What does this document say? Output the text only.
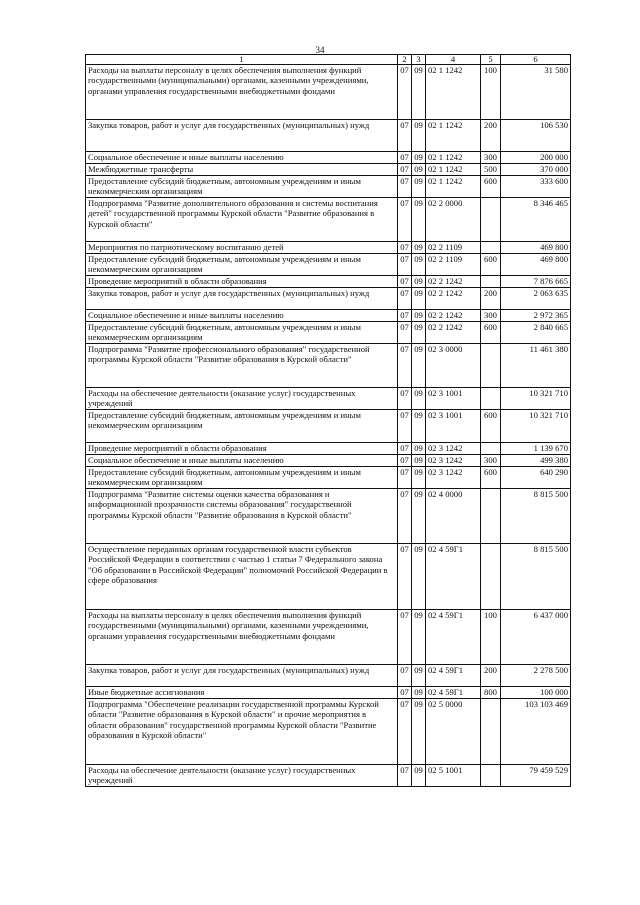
34
1	2	3	4	5	6
Расходы на выплаты персоналу в целях обеспечения выполнения функций государственными (муниципальными) органами, казенными учреждениями, органами управления государственными внебюджетными фондами	07	09	02 1 1242	100	31 580
Закупка товаров, работ и услуг для государственных (муниципальных) нужд	07	09	02 1 1242	200	106 530
Социальное обеспечение и иные выплаты населению	07	09	02 1 1242	300	200 000
Межбюджетные трансферты	07	09	02 1 1242	500	370 000
Предоставление субсидий бюджетным, автономным учреждениям и иным некоммерческим организациям	07	09	02 1 1242	600	333 600
Подпрограмма "Развитие дополнительного образования и системы воспитания детей" государственной программы Курской области "Развитие образования в Курской области"	07	09	02 2 0000		8 346 465
Мероприятия по патриотическому воспитанию детей	07	09	02 2 1109		469 800
Предоставление субсидий бюджетным, автономным учреждениям и иным некоммерческим организациям	07	09	02 2 1109	600	469 800
Проведение мероприятий в области образования	07	09	02 2 1242		7 876 665
Закупка товаров, работ и услуг для государственных (муниципальных) нужд	07	09	02 2 1242	200	2 063 635
Социальное обеспечение и иные выплаты населению	07	09	02 2 1242	300	2 972 365
Предоставление субсидий бюджетным, автономным учреждениям и иным некоммерческим организациям	07	09	02 2 1242	600	2 840 665
Подпрограмма "Развитие профессионального образования" государственной программы Курской области "Развитие образования в Курской области"	07	09	02 3 0000		11 461 380
Расходы на обеспечение деятельности (оказание услуг) государственных учреждений	07	09	02 3 1001		10 321 710
Предоставление субсидий бюджетным, автономным учреждениям и иным некоммерческим организациям	07	09	02 3 1001	600	10 321 710
Проведение мероприятий в области образования	07	09	02 3 1242		1 139 670
Социальное обеспечение и иные выплаты населению	07	09	02 3 1242	300	499 380
Предоставление субсидий бюджетным, автономным учреждениям и иным некоммерческим организациям	07	09	02 3 1242	600	640 290
Подпрограмма "Развитие системы оценки качества образования и информационной прозрачности системы образования" государственной программы Курской области "Развитие образования в Курской области"	07	09	02 4 0000		8 815 500
Осуществление переданных органам государственной власти субъектов Российской Федерации в соответствии с частью 1 статьи 7 Федерального закона "Об образовании в Российской Федерации" полномочий Российской Федерации в сфере образования	07	09	02 4 59Г1		8 815 500
Расходы на выплаты персоналу в целях обеспечения выполнения функций государственными (муниципальными) органами, казенными учреждениями, органами управления государственными внебюджетными фондами	07	09	02 4 59Г1	100	6 437 000
Закупка товаров, работ и услуг для государственных (муниципальных) нужд	07	09	02 4 59Г1	200	2 278 500
Иные бюджетные ассигнования	07	09	02 4 59Г1	800	100 000
Подпрограмма "Обеспечение реализации государственной программы Курской области "Развитие образования в Курской области" и прочие мероприятия в области образования" государственной программы Курской области "Развитие образования в Курской области"	07	09	02 5 0000		103 103 469
Расходы на обеспечение деятельности (оказание услуг) государственных учреждений	07	09	02 5 1001		79 459 529
